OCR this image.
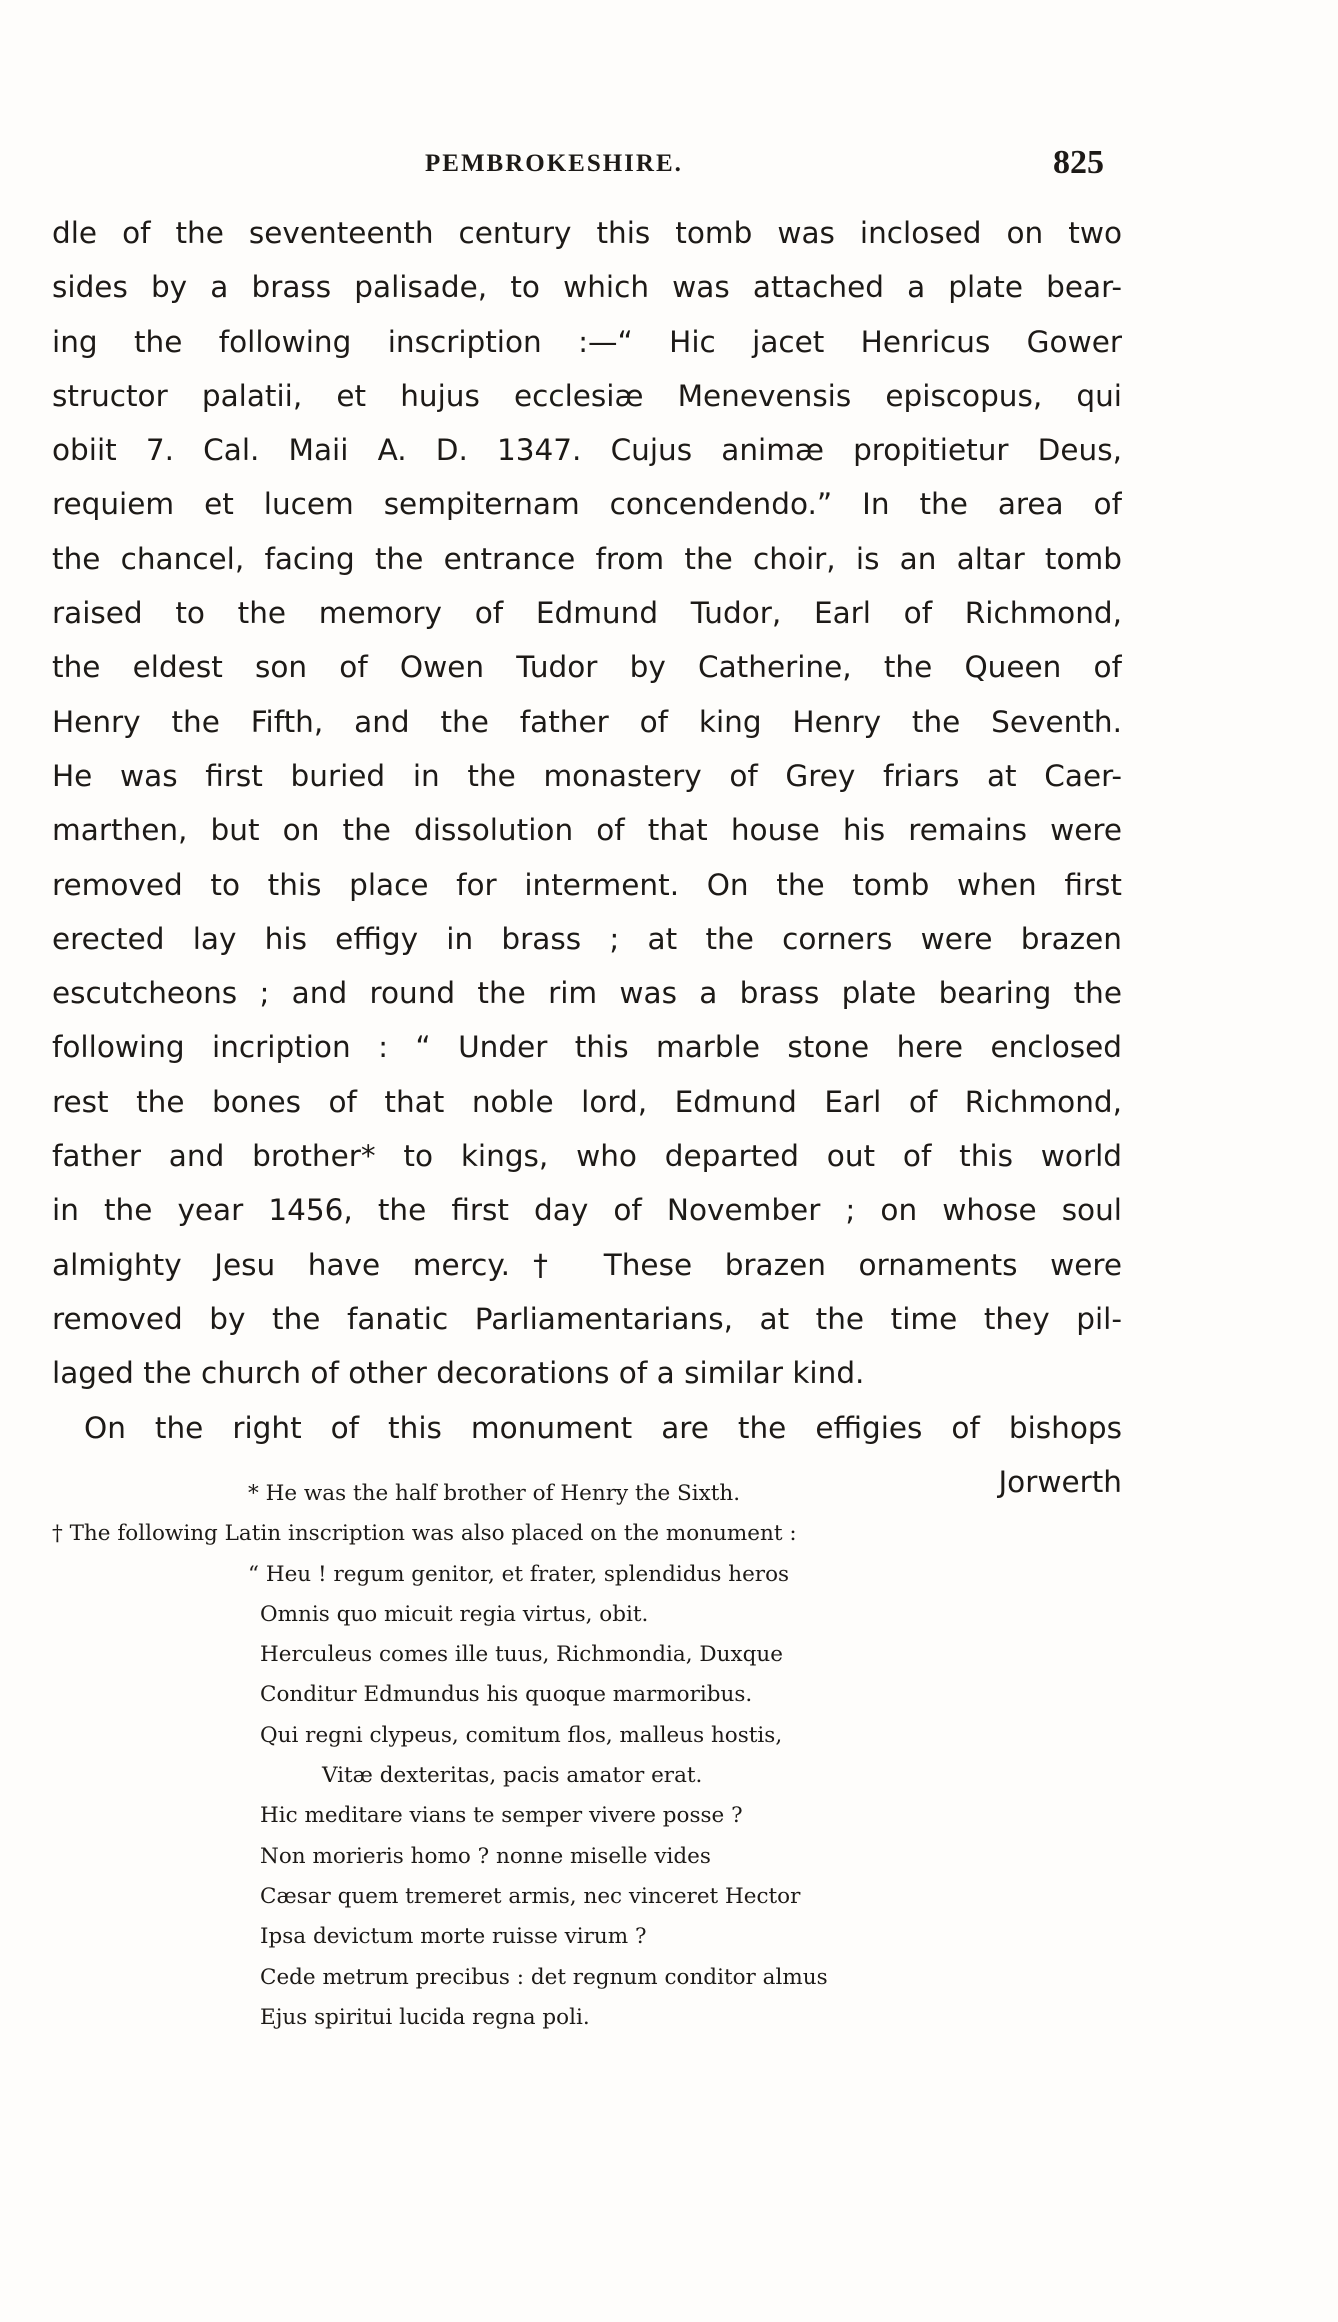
PEMBROKESHIRE.	825
dle of the seventeenth century this tomb was inclosed on two
sides by a brass palisade, to which was attached a plate bear-
ing the following inscription :—“ Hic jacet Henricus Gower
structor palatii, et hujus ecclesiæ Menevensis episcopus, qui
obiit 7. Cal. Maii A. D. 1347. Cujus animæ propitietur Deus,
requiem et lucem sempiternam concendendo.” In the area of
the chancel, facing the entrance from the choir, is an altar tomb
raised to the memory of Edmund Tudor, Earl of Richmond,
the eldest son of Owen Tudor by Catherine, the Queen of
Henry the Fifth, and the father of king Henry the Seventh.
He was first buried in the monastery of Grey friars at Caer-
marthen, but on the dissolution of that house his remains were
removed to this place for interment. On the tomb when first
erected lay his effigy in brass ; at the corners were brazen
escutcheons ; and round the rim was a brass plate bearing the
following incription : “ Under this marble stone here enclosed
rest the bones of that noble lord, Edmund Earl of Richmond,
father and brother* to kings, who departed out of this world
in the year 1456, the first day of November ; on whose soul
almighty Jesu have mercy.† These brazen ornaments were
removed by the fanatic Parliamentarians, at the time they pil-
laged the church of other decorations of a similar kind.
On the right of this monument are the effigies of bishops
Jorwerth
* He was the half brother of Henry the Sixth.
† The following Latin inscription was also placed on the monument :
“ Heu ! regum genitor, et frater, splendidus heros
Omnis quo micuit regia virtus, obit.
Herculeus comes ille tuus, Richmondia, Duxque
Conditur Edmundus his quoque marmoribus.
Qui regni clypeus, comitum flos, malleus hostis,
Vitæ dexteritas, pacis amator erat.
Hic meditare vians te semper vivere posse ?
Non morieris homo ? nonne miselle vides
Cæsar quem tremeret armis, nec vinceret Hector
Ipsa devictum morte ruisse virum ?
Cede metrum precibus : det regnum conditor almus
Ejus spiritui lucida regna poli.
